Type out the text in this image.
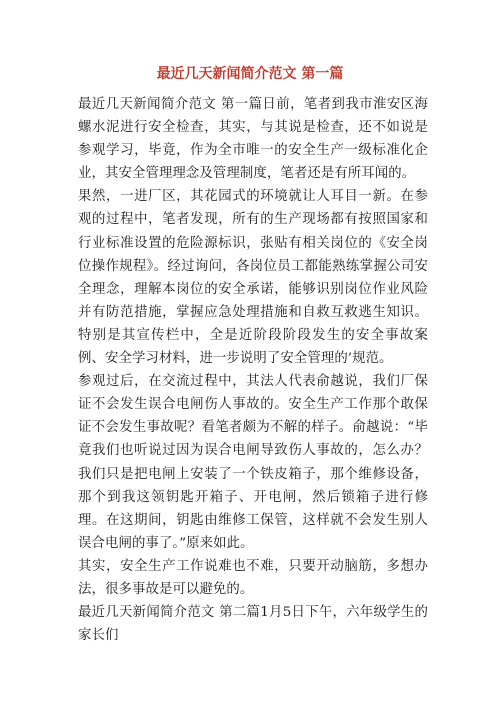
最近几天新闻简介范文 第一篇

最近几天新闻简介范文 第一篇日前，笔者到我市淮安区海螺水泥进行安全检查，其实，与其说是检查，还不如说是参观学习，毕竟，作为全市唯一的安全生产一级标准化企业，其安全管理理念及管理制度，笔者还是有所耳闻的。

果然，一进厂区，其花园式的环境就让人耳目一新。在参观的过程中，笔者发现，所有的生产现场都有按照国家和行业标准设置的危险源标识，张贴有相关岗位的《安全岗位操作规程》。经过询问，各岗位员工都能熟练掌握公司安全理念，理解本岗位的安全承诺，能够识别岗位作业风险并有防范措施，掌握应急处理措施和自救互救逃生知识。特别是其宣传栏中，全是近阶段阶段发生的安全事故案例、安全学习材料，进一步说明了安全管理的’规范。

参观过后，在交流过程中，其法人代表俞越说，我们厂保证不会发生误合电闸伤人事故的。安全生产工作那个敢保证不会发生事故呢？看笔者颇为不解的样子。俞越说：“毕竟我们也听说过因为误合电闸导致伤人事故的，怎么办？我们只是把电闸上安装了一个铁皮箱子，那个维修设备，那个到我这领钥匙开箱子、开电闸，然后锁箱子进行修理。在这期间，钥匙由维修工保管，这样就不会发生别人误合电闸的事了。”原来如此。

其实，安全生产工作说难也不难，只要开动脑筋，多想办法，很多事故是可以避免的。

最近几天新闻简介范文 第二篇1月5日下午，六年级学生的家长们
